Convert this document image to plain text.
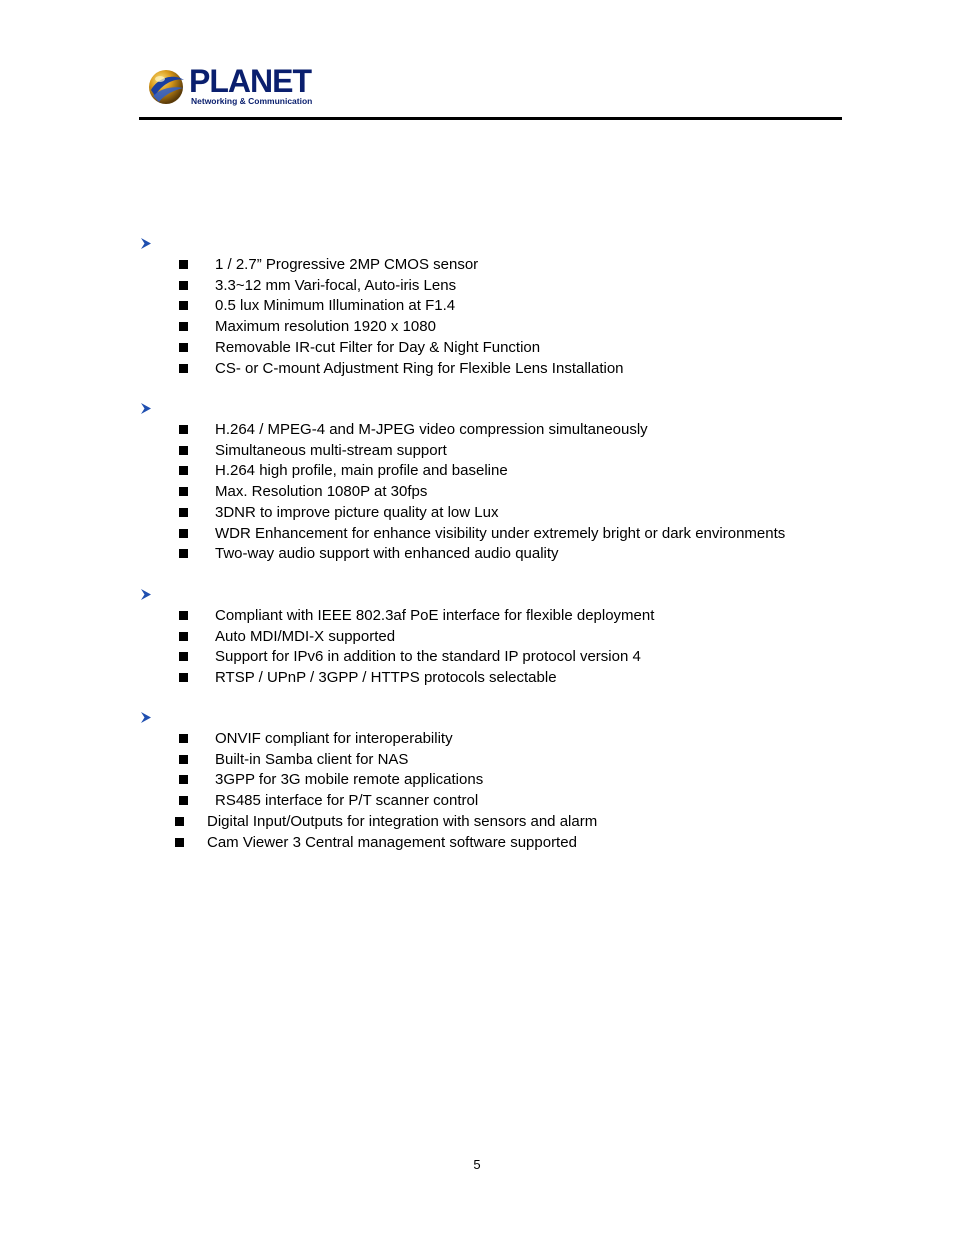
PLANET
Networking & Communication
1 / 2.7” Progressive 2MP CMOS sensor
3.3~12 mm Vari-focal, Auto-iris Lens
0.5 lux Minimum Illumination at F1.4
Maximum resolution 1920 x 1080
Removable IR-cut Filter for Day & Night Function
CS- or C-mount Adjustment Ring for Flexible Lens Installation
H.264 / MPEG-4 and M-JPEG video compression simultaneously
Simultaneous multi-stream support
H.264 high profile, main profile and baseline
Max. Resolution 1080P at 30fps
3DNR to improve picture quality at low Lux
WDR Enhancement for enhance visibility under extremely bright or dark environments
Two-way audio support with enhanced audio quality
Compliant with IEEE 802.3af PoE interface for flexible deployment
Auto MDI/MDI-X supported
Support for IPv6 in addition to the standard IP protocol version 4
RTSP / UPnP / 3GPP / HTTPS protocols selectable
ONVIF compliant for interoperability
Built-in Samba client for NAS
3GPP for 3G mobile remote applications
RS485 interface for P/T scanner control
Digital Input/Outputs for integration with sensors and alarm
Cam Viewer 3 Central management software supported
5
